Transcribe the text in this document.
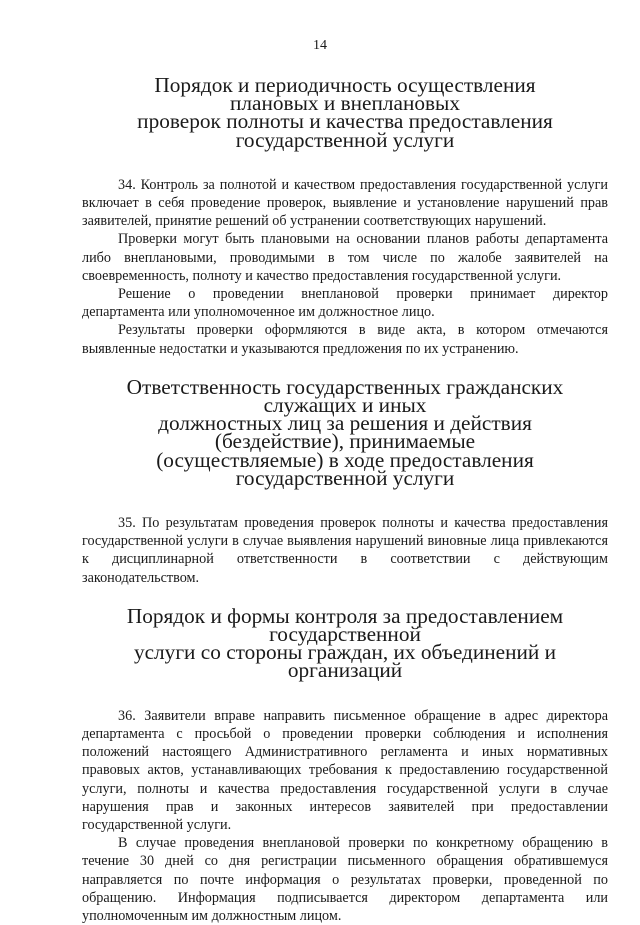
14
Порядок и периодичность осуществления плановых и внеплановых
проверок полноты и качества предоставления
государственной услуги

34. Контроль за полнотой и качеством предоставления государственной услуги включает в себя проведение проверок, выявление и установление нарушений прав заявителей, принятие решений об устранении соответствующих нарушений.

Проверки могут быть плановыми на основании планов работы департамента либо внеплановыми, проводимыми в том числе по жалобе заявителей на своевременность, полноту и качество предоставления государственной услуги.

Решение о проведении внеплановой проверки принимает директор департамента или уполномоченное им должностное лицо.

Результаты проверки оформляются в виде акта, в котором отмечаются выявленные недостатки и указываются предложения по их устранению.

Ответственность государственных гражданских служащих и иных
должностных лиц за решения и действия (бездействие), принимаемые
(осуществляемые) в ходе предоставления государственной услуги

35. По результатам проведения проверок полноты и качества предоставления государственной услуги в случае выявления нарушений виновные лица привлекаются к дисциплинарной ответственности в соответствии с действующим законодательством.

Порядок и формы контроля за предоставлением государственной
услуги со стороны граждан, их объединений и организаций

36. Заявители вправе направить письменное обращение в адрес директора департамента с просьбой о проведении проверки соблюдения и исполнения положений настоящего Административного регламента и иных нормативных правовых актов, устанавливающих требования к предоставлению государственной услуги, полноты и качества предоставления государственной услуги в случае нарушения прав и законных интересов заявителей при предоставлении государственной услуги.

В случае проведения внеплановой проверки по конкретному обращению в течение 30 дней со дня регистрации письменного обращения обратившемуся направляется по почте информация о результатах проверки, проведенной по обращению. Информация подписывается директором департамента или уполномоченным им должностным лицом.
